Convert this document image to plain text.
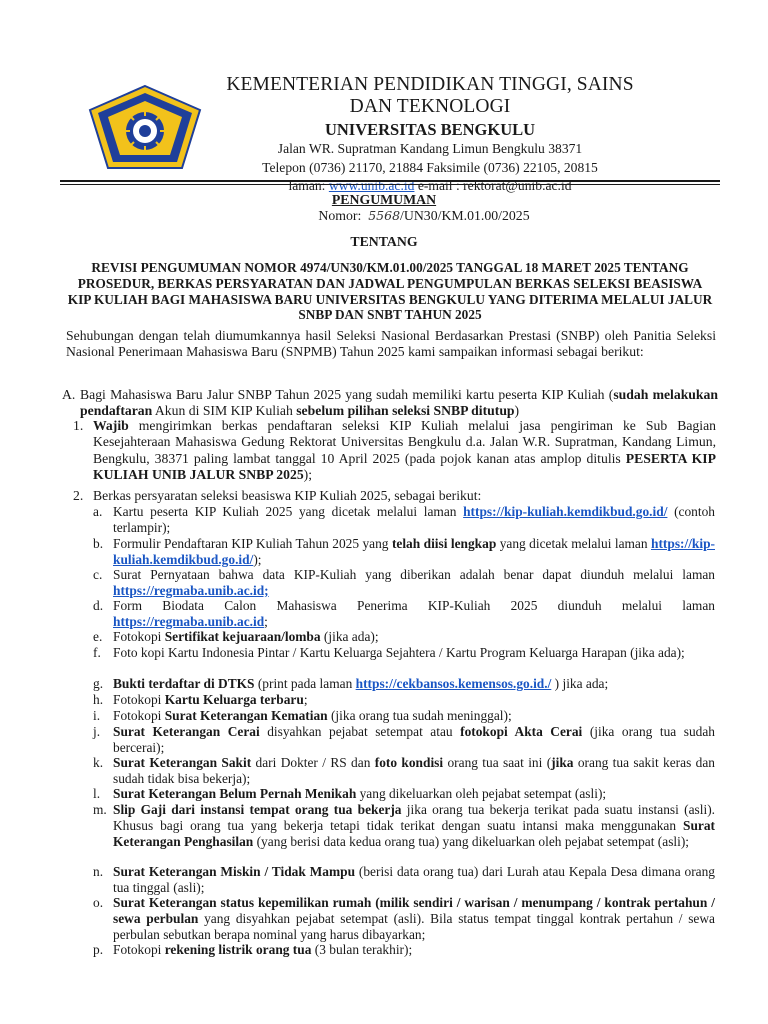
KEMENTERIAN PENDIDIKAN TINGGI, SAINS
DAN TEKNOLOGI
UNIVERSITAS BENGKULU
Jalan WR. Supratman Kandang Limun Bengkulu 38371
Telepon (0736) 21170, 21884 Faksimile (0736) 22105, 20815
laman: www.unib.ac.id e-mail : rektorat@unib.ac.id
PENGUMUMAN
Nomor: 5568/UN30/KM.01.00/2025
TENTANG
REVISI PENGUMUMAN NOMOR 4974/UN30/KM.01.00/2025 TANGGAL 18 MARET 2025 TENTANG PROSEDUR, BERKAS PERSYARATAN DAN JADWAL PENGUMPULAN BERKAS SELEKSI BEASISWA KIP KULIAH BAGI MAHASISWA BARU UNIVERSITAS BENGKULU YANG DITERIMA MELALUI JALUR SNBP DAN SNBT TAHUN 2025
Sehubungan dengan telah diumumkannya hasil Seleksi Nasional Berdasarkan Prestasi (SNBP) oleh Panitia Seleksi Nasional Penerimaan Mahasiswa Baru (SNPMB) Tahun 2025 kami sampaikan informasi sebagai berikut:
A. Bagi Mahasiswa Baru Jalur SNBP Tahun 2025 yang sudah memiliki kartu peserta KIP Kuliah (sudah melakukan pendaftaran Akun di SIM KIP Kuliah sebelum pilihan seleksi SNBP ditutup)
1. Wajib mengirimkan berkas pendaftaran seleksi KIP Kuliah melalui jasa pengiriman ke Sub Bagian Kesejahteraan Mahasiswa Gedung Rektorat Universitas Bengkulu d.a. Jalan W.R. Supratman, Kandang Limun, Bengkulu, 38371 paling lambat tanggal 10 April 2025 (pada pojok kanan atas amplop ditulis PESERTA KIP KULIAH UNIB JALUR SNBP 2025);
2. Berkas persyaratan seleksi beasiswa KIP Kuliah 2025, sebagai berikut:
a. Kartu peserta KIP Kuliah 2025 yang dicetak melalui laman https://kip-kuliah.kemdikbud.go.id/ (contoh terlampir);
b. Formulir Pendaftaran KIP Kuliah Tahun 2025 yang telah diisi lengkap yang dicetak melalui laman https://kip-kuliah.kemdikbud.go.id/);
c. Surat Pernyataan bahwa data KIP-Kuliah yang diberikan adalah benar dapat diunduh melalui laman https://regmaba.unib.ac.id;
d. Form Biodata Calon Mahasiswa Penerima KIP-Kuliah 2025 diunduh melalui laman https://regmaba.unib.ac.id;
e. Fotokopi Sertifikat kejuaraan/lomba (jika ada);
f. Foto kopi Kartu Indonesia Pintar / Kartu Keluarga Sejahtera / Kartu Program Keluarga Harapan (jika ada);
g. Bukti terdaftar di DTKS (print pada laman https://cekbansos.kemensos.go.id./ ) jika ada;
h. Fotokopi Kartu Keluarga terbaru;
i. Fotokopi Surat Keterangan Kematian (jika orang tua sudah meninggal);
j. Surat Keterangan Cerai disyahkan pejabat setempat atau fotokopi Akta Cerai (jika orang tua sudah bercerai);
k. Surat Keterangan Sakit dari Dokter / RS dan foto kondisi orang tua saat ini (jika orang tua sakit keras dan sudah tidak bisa bekerja);
l. Surat Keterangan Belum Pernah Menikah yang dikeluarkan oleh pejabat setempat (asli);
m. Slip Gaji dari instansi tempat orang tua bekerja jika orang tua bekerja terikat pada suatu instansi (asli). Khusus bagi orang tua yang bekerja tetapi tidak terikat dengan suatu intansi maka menggunakan Surat Keterangan Penghasilan (yang berisi data kedua orang tua) yang dikeluarkan oleh pejabat setempat (asli);
n. Surat Keterangan Miskin / Tidak Mampu (berisi data orang tua) dari Lurah atau Kepala Desa dimana orang tua tinggal (asli);
o. Surat Keterangan status kepemilikan rumah (milik sendiri / warisan / menumpang / kontrak pertahun / sewa perbulan yang disyahkan pejabat setempat (asli). Bila status tempat tinggal kontrak pertahun / sewa perbulan sebutkan berapa nominal yang harus dibayarkan;
p. Fotokopi rekening listrik orang tua (3 bulan terakhir);
